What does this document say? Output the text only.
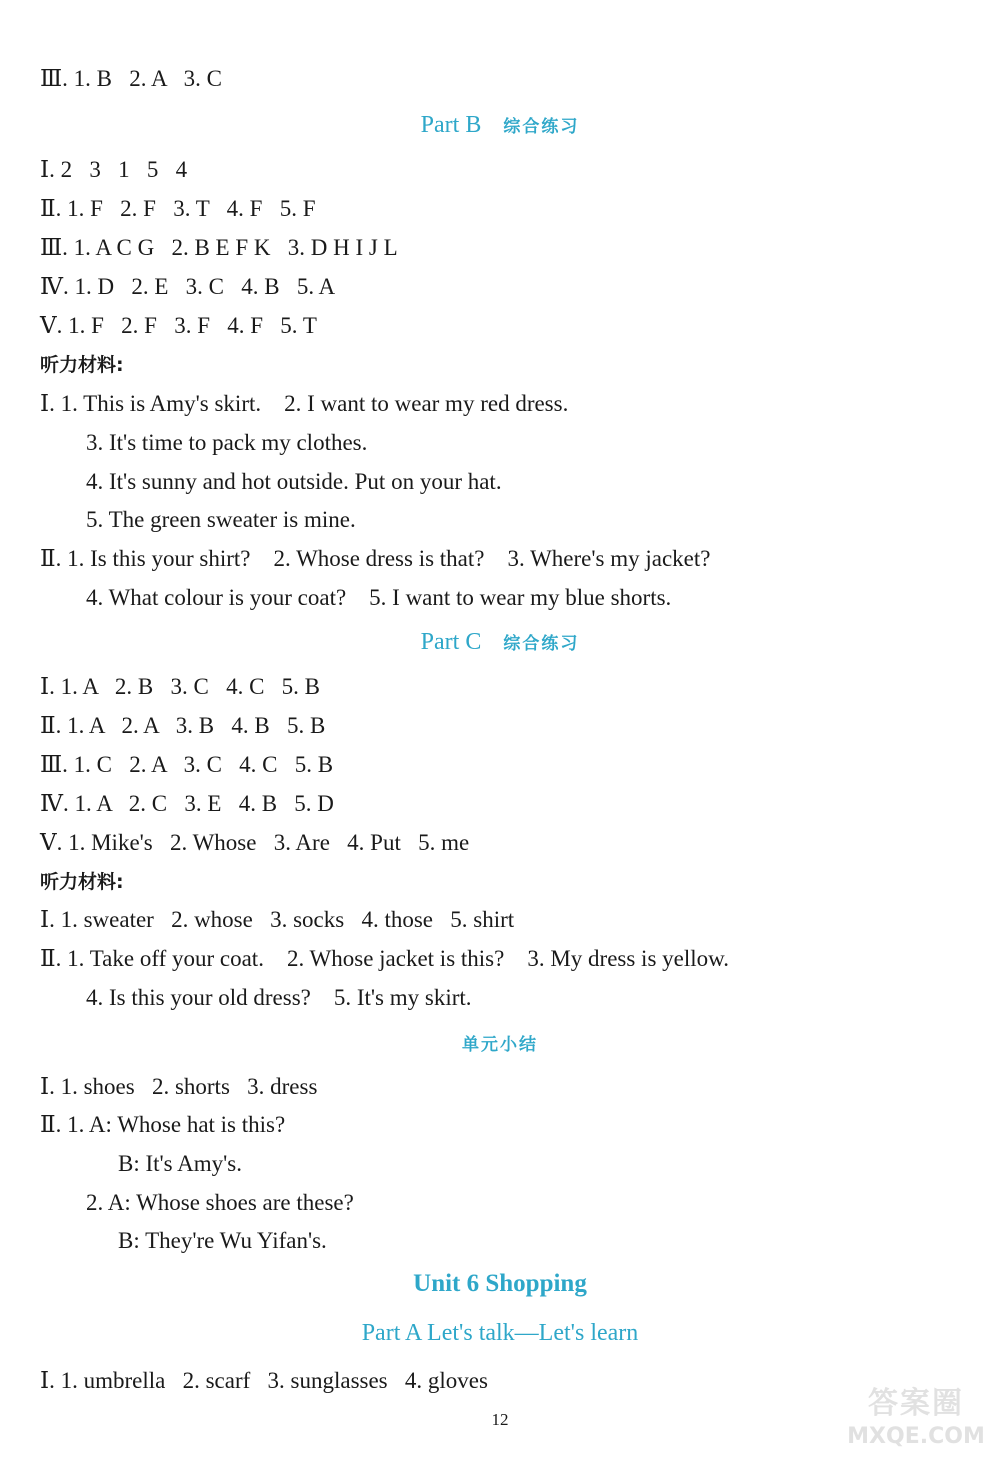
Ⅲ. 1. B   2. A   3. C
Part B 综合练习
Ⅰ. 2   3   1   5   4
Ⅱ. 1. F   2. F   3. T   4. F   5. F
Ⅲ. 1. A C G   2. B E F K   3. D H I J L
Ⅳ. 1. D   2. E   3. C   4. B   5. A
Ⅴ. 1. F   2. F   3. F   4. F   5. T
听力材料:
Ⅰ. 1. This is Amy's skirt.    2. I want to wear my red dress.
3. It's time to pack my clothes.
4. It's sunny and hot outside. Put on your hat.
5. The green sweater is mine.
Ⅱ. 1. Is this your shirt?    2. Whose dress is that?    3. Where's my jacket?
4. What colour is your coat?    5. I want to wear my blue shorts.
Part C 综合练习
Ⅰ. 1. A   2. B   3. C   4. C   5. B
Ⅱ. 1. A   2. A   3. B   4. B   5. B
Ⅲ. 1. C   2. A   3. C   4. C   5. B
Ⅳ. 1. A   2. C   3. E   4. B   5. D
Ⅴ. 1. Mike's   2. Whose   3. Are   4. Put   5. me
听力材料:
Ⅰ. 1. sweater   2. whose   3. socks   4. those   5. shirt
Ⅱ. 1. Take off your coat.    2. Whose jacket is this?    3. My dress is yellow.
4. Is this your old dress?    5. It's my skirt.
单元小结
Ⅰ. 1. shoes   2. shorts   3. dress
Ⅱ. 1. A: Whose hat is this?
B: It's Amy's.
2. A: Whose shoes are these?
B: They're Wu Yifan's.
Unit 6 Shopping
Part A Let's talk—Let's learn
Ⅰ. 1. umbrella   2. scarf   3. sunglasses   4. gloves
12	答案圈
MXQE.COM
